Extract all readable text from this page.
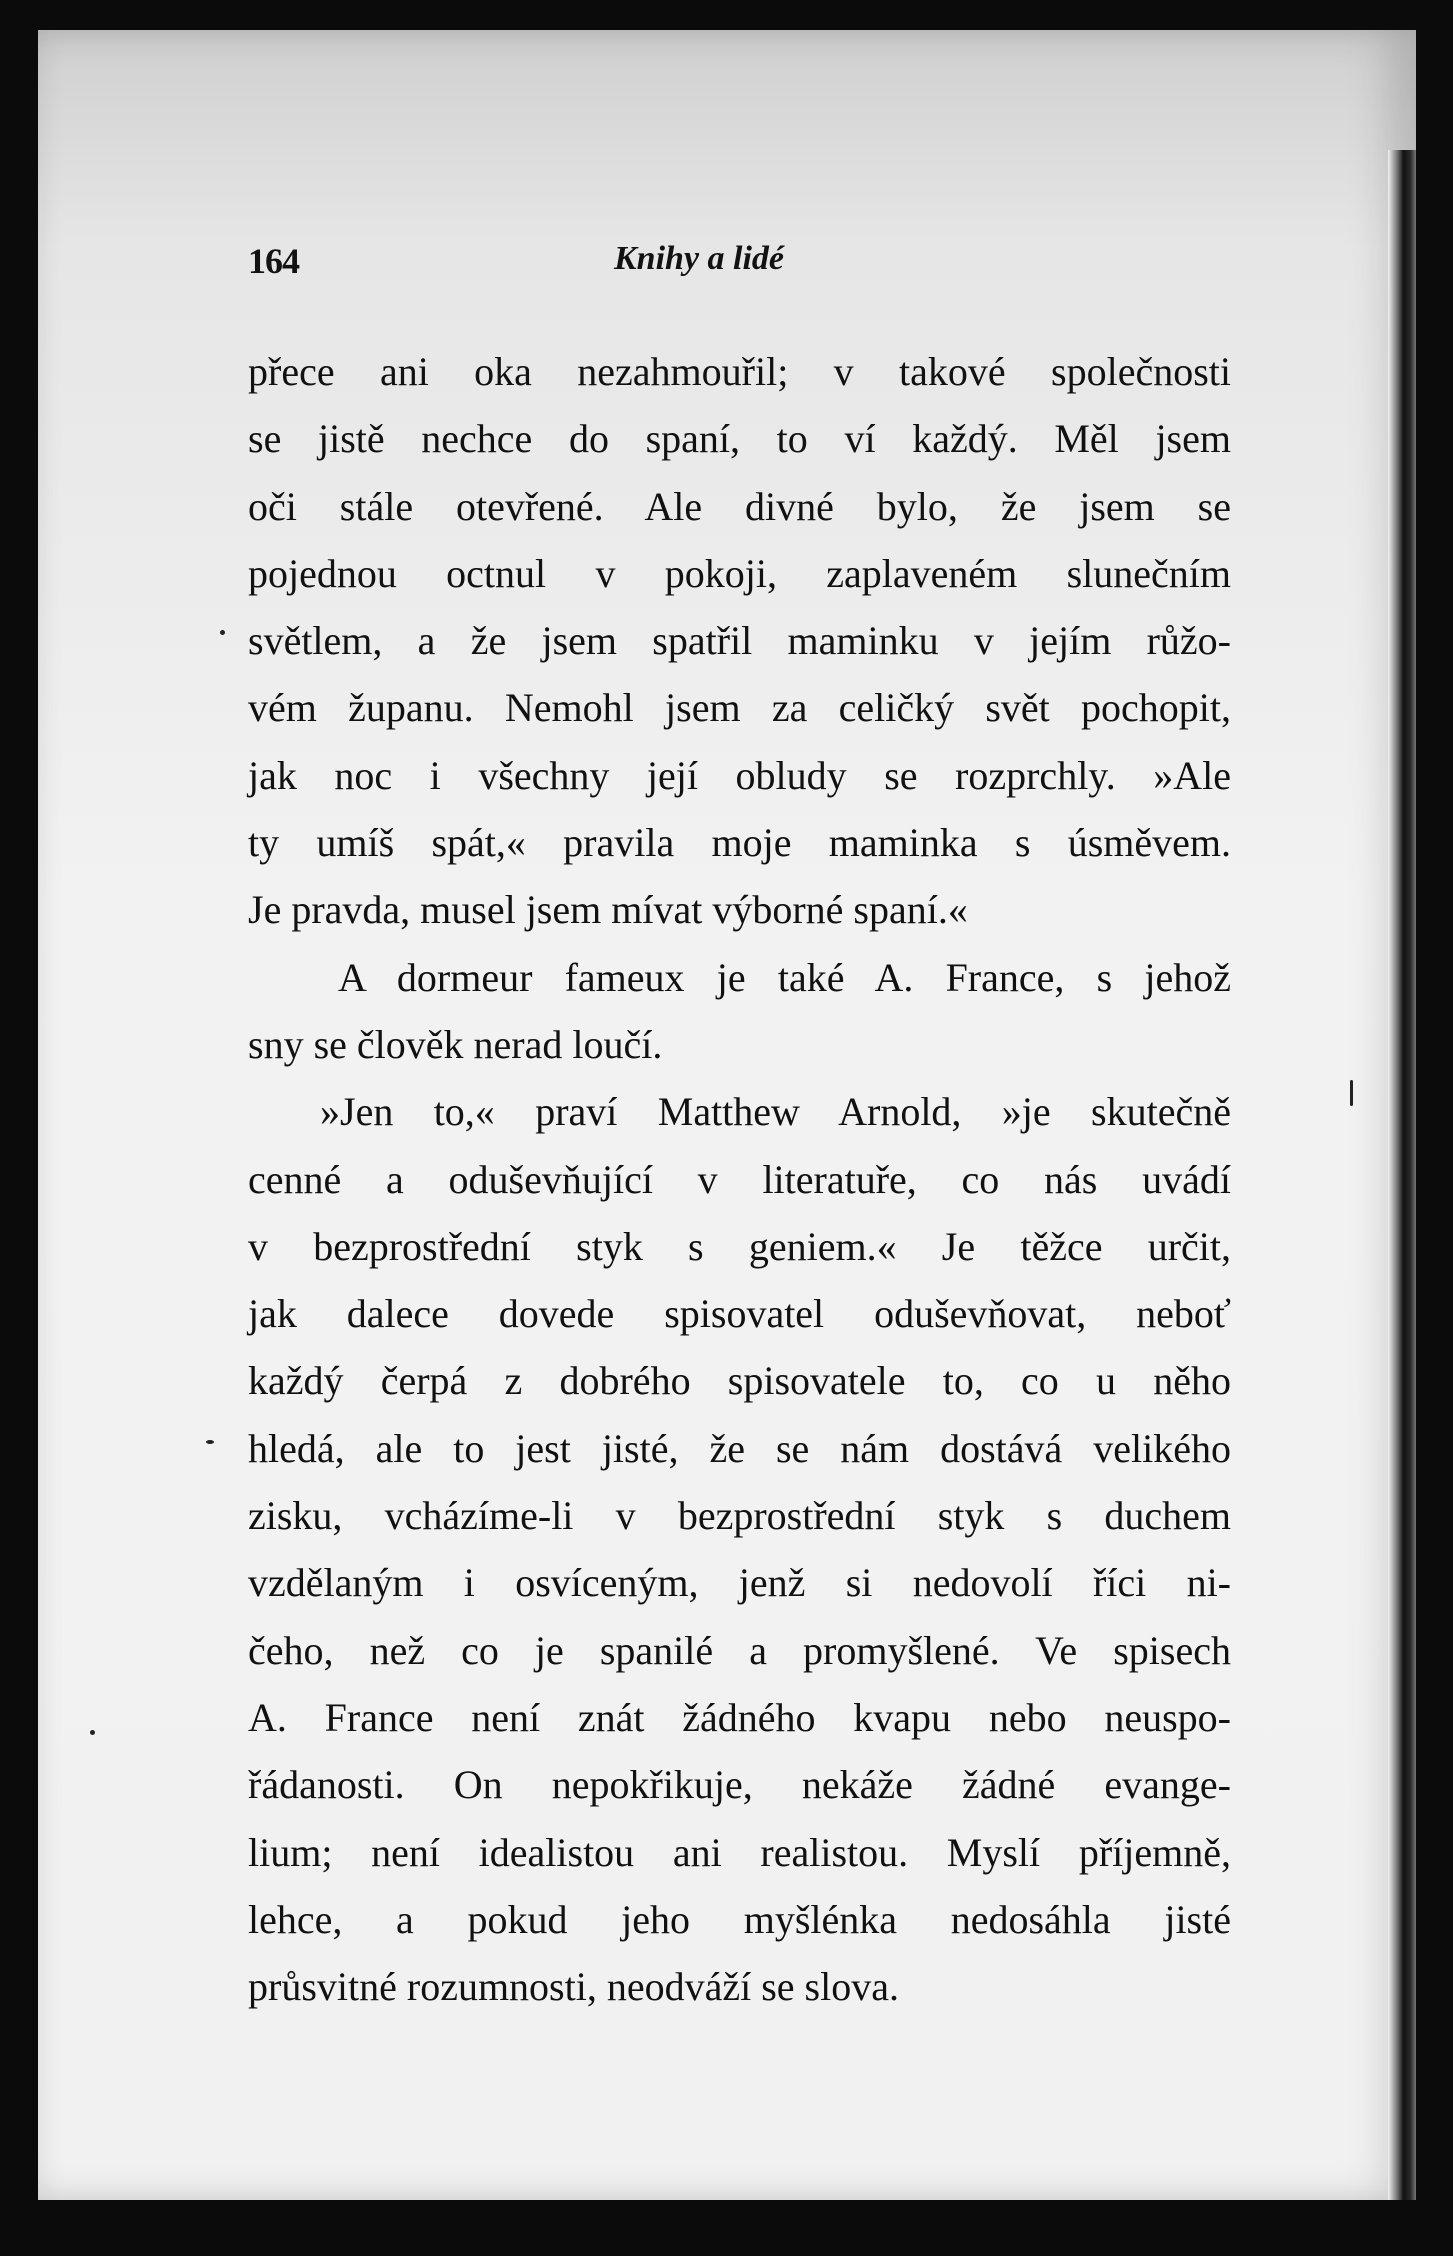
164	Knihy a lidé
přece ani oka nezahmouřil; v takové společnosti
se jistě nechce do spaní, to ví každý. Měl jsem
oči stále otevřené. Ale divné bylo, že jsem se
pojednou octnul v pokoji, zaplaveném slunečním
světlem, a že jsem spatřil maminku v jejím růžo-
vém županu. Nemohl jsem za celičký svět pochopit,
jak noc i všechny její obludy se rozprchly. »Ale
ty umíš spát,« pravila moje maminka s úsměvem.
Je pravda, musel jsem mívat výborné spaní.«
A dormeur fameux je také A. France, s jehož
sny se člověk nerad loučí.
»Jen to,« praví Matthew Arnold, »je skutečně
cenné a oduševňující v literatuře, co nás uvádí
v bezprostřední styk s geniem.« Je těžce určit,
jak dalece dovede spisovatel oduševňovat, neboť
každý čerpá z dobrého spisovatele to, co u něho
hledá, ale to jest jisté, že se nám dostává velikého
zisku, vcházíme-li v bezprostřední styk s duchem
vzdělaným i osvíceným, jenž si nedovolí říci ni-
čeho, než co je spanilé a promyšlené. Ve spisech
A. France není znát žádného kvapu nebo neuspo-
řádanosti. On nepokřikuje, nekáže žádné evange-
lium; není idealistou ani realistou. Myslí příjemně,
lehce, a pokud jeho myšlénka nedosáhla jisté
průsvitné rozumnosti, neodváží se slova.
